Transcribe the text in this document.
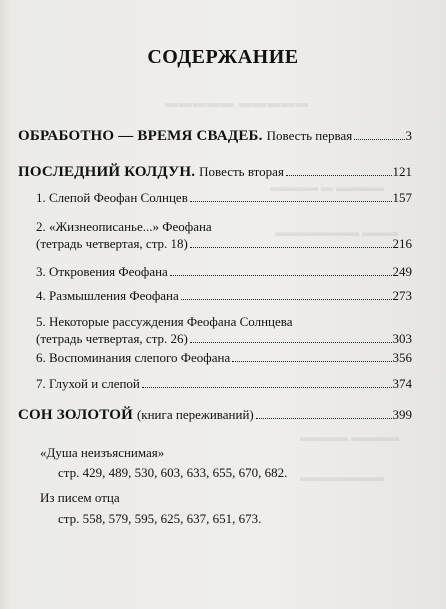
▬▬▬▬▬ ▬▬▬▬▬
▬▬▬▬ ▬ ▬▬▬▬
▬▬▬▬▬▬▬ ▬▬▬
▬▬▬▬ ▬▬▬▬
▬▬▬▬▬▬▬
СОДЕРЖАНИЕ
ОБРАБОТНО — ВРЕМЯ СВАДЕБ. Повесть первая	3
ПОСЛЕДНИЙ КОЛДУН. Повесть вторая	121
1. Слепой Феофан Солнцев	157
2. «Жизнеописанье...» Феофана
(тетрадь четвертая, стр. 18)	216
3. Откровения Феофана	249
4. Размышления Феофана	273
5. Некоторые рассуждения Феофана Солнцева
(тетрадь четвертая, стр. 26)	303
6. Воспоминания слепого Феофана	356
7. Глухой и слепой	374
СОН ЗОЛОТОЙ (книга переживаний)	399
«Душа неизъяснимая»
стр. 429, 489, 530, 603, 633, 655, 670, 682.
Из писем отца
стр. 558, 579, 595, 625, 637, 651, 673.
